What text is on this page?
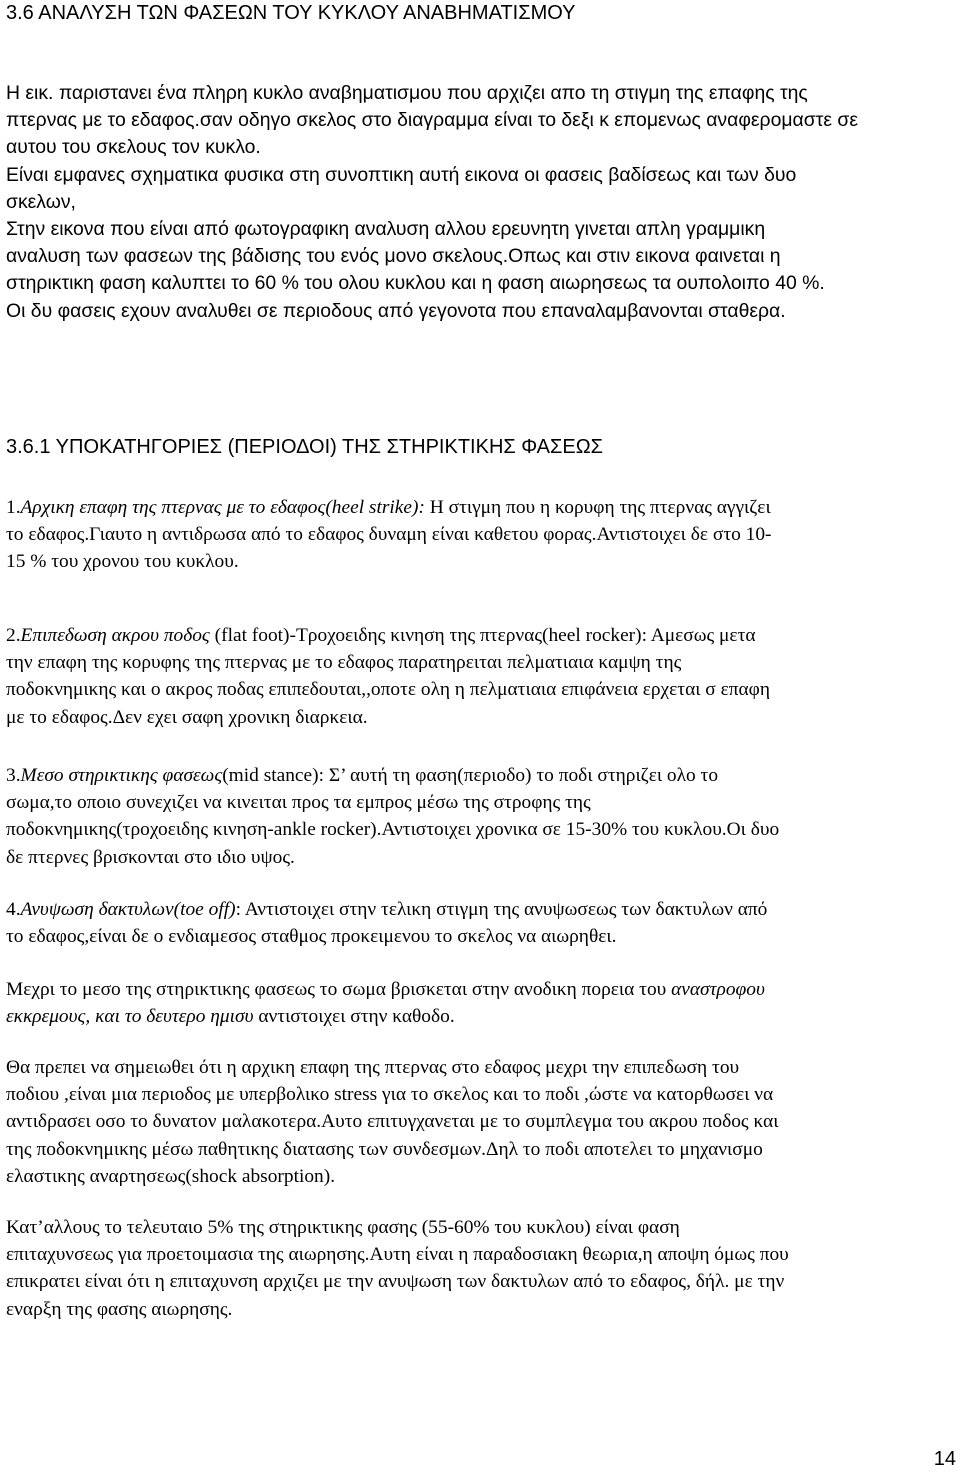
3.6 ΑΝΑΛΥΣΗ ΤΩΝ ΦΑΣΕΩΝ ΤΟΥ ΚΥΚΛΟΥ ΑΝΑΒΗΜΑΤΙΣΜΟΥ

Η εικ. παριστανει ένα πληρη κυκλο αναβηματισμου που αρχιζει απο τη στιγμη της επαφης της
πτερνας με το εδαφος.σαν οδηγο σκελος στο διαγραμμα είναι το δεξι κ επομενως αναφερομαστε σε
αυτου του σκελους τον κυκλο.
Είναι εμφανες σχηματικα φυσικα στη συνοπτικη αυτή εικονα οι φασεις βαδίσεως και των δυο
σκελων,
Στην εικονα που είναι από φωτογραφικη αναλυση αλλου ερευνητη γινεται απλη γραμμικη
αναλυση των φασεων της βάδισης του ενός μονο σκελους.Οπως και στιν εικονα φαινεται η
στηρικτικη φαση καλυπτει το 60 % του ολου κυκλου και η φαση αιωρησεως τα ουπολοιπο 40 %.
Οι δυ φασεις εχουν αναλυθει σε περιοδους από γεγονοτα που επαναλαμβανονται σταθερα.

3.6.1 ΥΠΟΚΑΤΗΓΟΡΙΕΣ (ΠΕΡΙΟΔΟΙ) ΤΗΣ ΣΤΗΡΙΚΤΙΚΗΣ ΦΑΣΕΩΣ

1.Αρχικη επαφη της πτερνας με το εδαφος(heel strike): Η στιγμη που η κορυφη της πτερνας αγγιζει
το εδαφος.Γιαυτο η αντιδρωσα από το εδαφος δυναμη είναι καθετου φορας.Αντιστοιχει δε στο 10-
15 % του χρονου του κυκλου.

2.Επιπεδωση ακρου ποδος (flat foot)-Τροχοειδης κινηση της πτερνας(heel rocker): Αμεσως μετα
την επαφη της κορυφης της πτερνας με το εδαφος παρατηρειται πελματιαια καμψη της
ποδοκνημικης και ο ακρος ποδας επιπεδουται,,οποτε ολη η πελματιαια επιφάνεια ερχεται σ επαφη
με το εδαφος.Δεν εχει σαφη χρονικη διαρκεια.

3.Μεσο στηρικτικης φασεως(mid stance): Σ’ αυτή τη φαση(περιοδο) το ποδι στηριζει ολο το
σωμα,το οποιο συνεχιζει να κινειται προς τα εμπρος μέσω της στροφης της
ποδοκνημικης(τροχοειδης κινηση-ankle rocker).Αντιστοιχει χρονικα σε 15-30% του κυκλου.Οι δυο
δε πτερνες βρισκονται στο ιδιο υψος.

4.Ανυψωση δακτυλων(toe off): Αντιστοιχει στην τελικη στιγμη της ανυψωσεως των δακτυλων από
το εδαφος,είναι δε ο ενδιαμεσος σταθμος προκειμενου το σκελος να αιωρηθει.

Μεχρι το μεσο της στηρικτικης φασεως το σωμα βρισκεται στην ανοδικη πορεια του αναστροφου
εκκρεμους, και το δευτερο ημισυ αντιστοιχει στην καθοδο.

Θα πρεπει να σημειωθει ότι η αρχικη επαφη της πτερνας στο εδαφος μεχρι την επιπεδωση του
ποδιου ,είναι μια περιοδος με υπερβολικο stress για το σκελος και το ποδι ,ώστε να κατορθωσει να
αντιδρασει οσο το δυνατον μαλακοτερα.Αυτο επιτυγχανεται με το συμπλεγμα του ακρου ποδος και
της ποδοκνημικης μέσω παθητικης διατασης των συνδεσμων.Δηλ το ποδι αποτελει το μηχανισμο
ελαστικης αναρτησεως(shock absorption).

Κατ’αλλους το τελευταιο 5% της στηρικτικης φασης (55-60% του κυκλου) είναι φαση
επιταχυνσεως για προετοιμασια της αιωρησης.Αυτη είναι η παραδοσιακη θεωρια,η αποψη όμως που
επικρατει είναι ότι η επιταχυνση αρχιζει με την ανυψωση των δακτυλων από το εδαφος, δήλ. με την
εναρξη της φασης αιωρησης.

14
